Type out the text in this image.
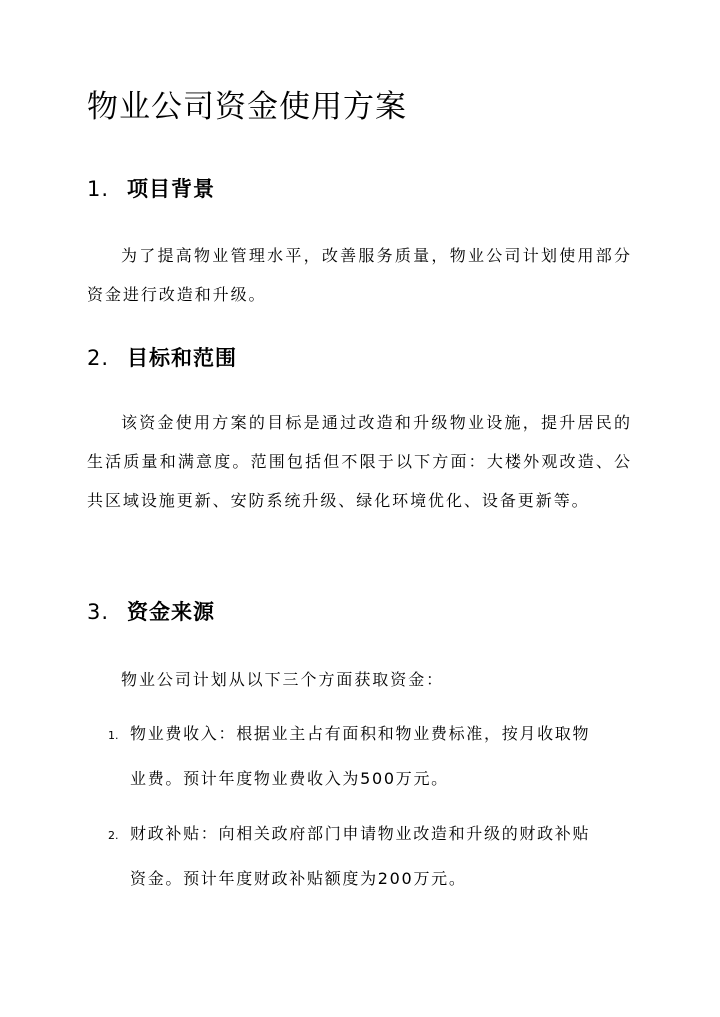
物业公司资金使用方案
1. 项目背景

为了提高物业管理水平，改善服务质量，物业公司计划使用部分资金进行改造和升级。

2. 目标和范围

该资金使用方案的目标是通过改造和升级物业设施，提升居民的生活质量和满意度。范围包括但不限于以下方面：大楼外观改造、公共区域设施更新、安防系统升级、绿化环境优化、设备更新等。

3. 资金来源

物业公司计划从以下三个方面获取资金：

1. 物业费收入：根据业主占有面积和物业费标准，按月收取物
业费。预计年度物业费收入为500万元。
2. 财政补贴：向相关政府部门申请物业改造和升级的财政补贴
资金。预计年度财政补贴额度为200万元。
